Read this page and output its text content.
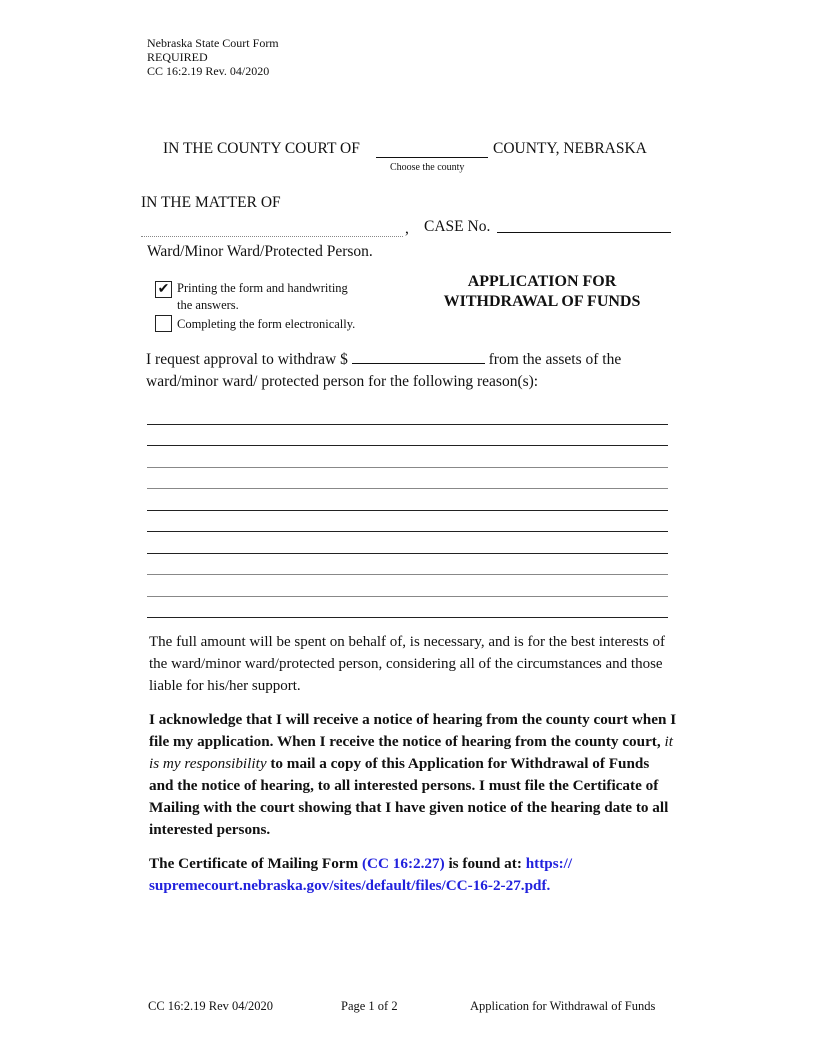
Nebraska State Court Form
REQUIRED
CC 16:2.19 Rev. 04/2020
IN THE COUNTY COURT OF	COUNTY, NEBRASKA
Choose the county
IN THE MATTER OF
, CASE No.
Ward/Minor Ward/Protected Person.
APPLICATION FOR
WITHDRAWAL OF FUNDS
✔ Printing the form and handwriting
the answers.
Completing the form electronically.
I request approval to withdraw $	from the assets of the ward/minor ward/ protected person for the following reason(s):
The full amount will be spent on behalf of, is necessary, and is for the best interests of the ward/minor ward/protected person, considering all of the circumstances and those liable for his/her support.
I acknowledge that I will receive a notice of hearing from the county court when I file my application. When I receive the notice of hearing from the county court, it is my responsibility to mail a copy of this Application for Withdrawal of Funds and the notice of hearing, to all interested persons. I must file the Certificate of Mailing with the court showing that I have given notice of the hearing date to all interested persons.
The Certificate of Mailing Form (CC 16:2.27) is found at: https:// supremecourt.nebraska.gov/sites/default/files/CC-16-2-27.pdf.
CC 16:2.19 Rev 04/2020	Page 1 of 2	Application for Withdrawal of Funds
